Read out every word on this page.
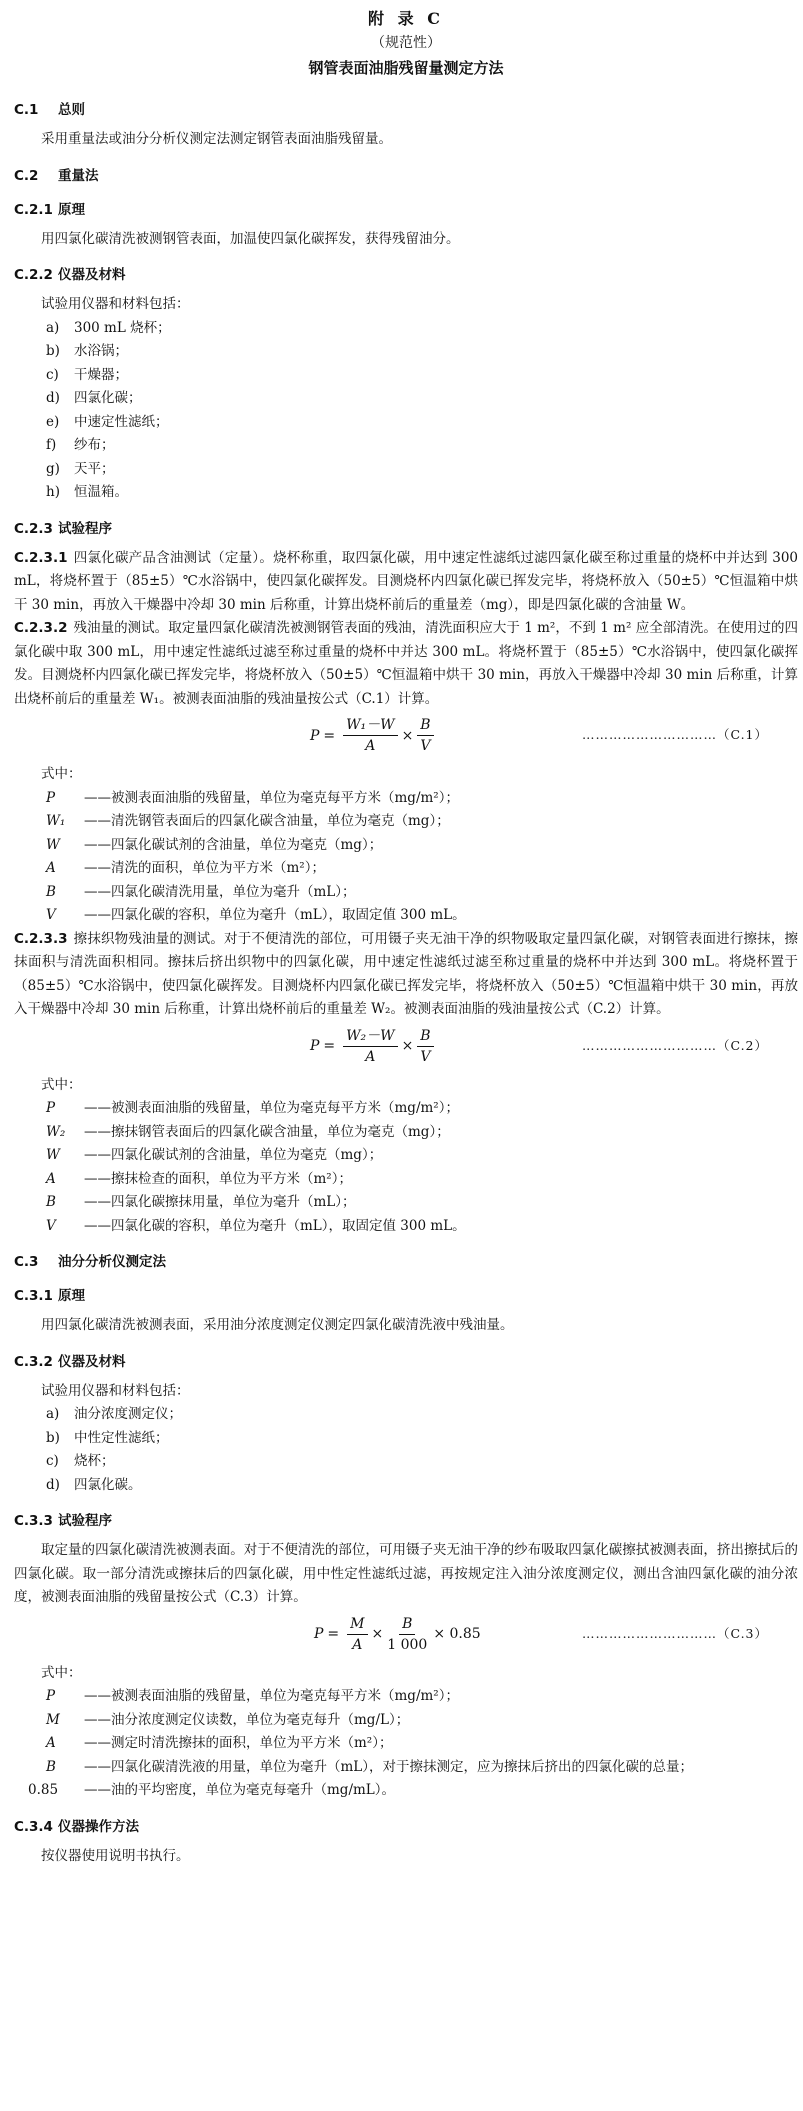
附 录 C
（规范性）
钢管表面油脂残留量测定方法
C.1 总则

采用重量法或油分分析仪测定法测定钢管表面油脂残留量。

C.2 重量法
C.2.1 原理

用四氯化碳清洗被测钢管表面，加温使四氯化碳挥发，获得残留油分。

C.2.2 仪器及材料

试验用仪器和材料包括：

a) 300 mL 烧杯；
b) 水浴锅；
c) 干燥器；
d) 四氯化碳；
e) 中速定性滤纸；
f) 纱布；
g) 天平；
h) 恒温箱。
C.2.3 试验程序

C.2.3.1 四氯化碳产品含油测试（定量）。烧杯称重，取四氯化碳，用中速定性滤纸过滤四氯化碳至称过重量的烧杯中并达到 300 mL，将烧杯置于（85±5）℃水浴锅中，使四氯化碳挥发。目测烧杯内四氯化碳已挥发完毕，将烧杯放入（50±5）℃恒温箱中烘干 30 min，再放入干燥器中冷却 30 min 后称重，计算出烧杯前后的重量差（mg），即是四氯化碳的含油量 W。

C.2.3.2 残油量的测试。取定量四氯化碳清洗被测钢管表面的残油，清洗面积应大于 1 m²，不到 1 m² 应全部清洗。在使用过的四氯化碳中取 300 mL，用中速定性滤纸过滤至称过重量的烧杯中并达 300 mL。将烧杯置于（85±5）℃水浴锅中，使四氯化碳挥发。目测烧杯内四氯化碳已挥发完毕，将烧杯放入（50±5）℃恒温箱中烘干 30 min，再放入干燥器中冷却 30 min 后称重，计算出烧杯前后的重量差 W₁。被测表面油脂的残油量按公式（C.1）计算。

$P = \frac{\text{W₁－W}}{A} \times \frac{B}{V}$	…………………………（C.1）

式中：

P	——被测表面油脂的残留量，单位为毫克每平方米（mg/m²）；
W₁	——清洗钢管表面后的四氯化碳含油量，单位为毫克（mg）；
W	——四氯化碳试剂的含油量，单位为毫克（mg）；
A	——清洗的面积，单位为平方米（m²）；
B	——四氯化碳清洗用量，单位为毫升（mL）；
V	——四氯化碳的容积，单位为毫升（mL），取固定值 300 mL。

C.2.3.3 擦抹织物残油量的测试。对于不便清洗的部位，可用镊子夹无油干净的织物吸取定量四氯化碳，对钢管表面进行擦抹，擦抹面积与清洗面积相同。擦抹后挤出织物中的四氯化碳，用中速定性滤纸过滤至称过重量的烧杯中并达到 300 mL。将烧杯置于（85±5）℃水浴锅中，使四氯化碳挥发。目测烧杯内四氯化碳已挥发完毕，将烧杯放入（50±5）℃恒温箱中烘干 30 min，再放入干燥器中冷却 30 min 后称重，计算出烧杯前后的重量差 W₂。被测表面油脂的残油量按公式（C.2）计算。

$P = \frac{\text{W₂－W}}{A} \times \frac{B}{V}$	…………………………（C.2）

式中：

P	——被测表面油脂的残留量，单位为毫克每平方米（mg/m²）；
W₂	——擦抹钢管表面后的四氯化碳含油量，单位为毫克（mg）；
W	——四氯化碳试剂的含油量，单位为毫克（mg）；
A	——擦抹检查的面积，单位为平方米（m²）；
B	——四氯化碳擦抹用量，单位为毫升（mL）；
V	——四氯化碳的容积，单位为毫升（mL），取固定值 300 mL。
C.3 油分分析仪测定法
C.3.1 原理

用四氯化碳清洗被测表面，采用油分浓度测定仪测定四氯化碳清洗液中残油量。

C.3.2 仪器及材料

试验用仪器和材料包括：

a) 油分浓度测定仪；
b) 中性定性滤纸；
c) 烧杯；
d) 四氯化碳。
C.3.3 试验程序

取定量的四氯化碳清洗被测表面。对于不便清洗的部位，可用镊子夹无油干净的纱布吸取四氯化碳擦拭被测表面，挤出擦拭后的四氯化碳。取一部分清洗或擦抹后的四氯化碳，用中性定性滤纸过滤，再按规定注入油分浓度测定仪，测出含油四氯化碳的油分浓度，被测表面油脂的残留量按公式（C.3）计算。

$P = \frac{M}{A} \times \frac{B}{1 000} \times 0.85$	…………………………（C.3）

式中：

P	——被测表面油脂的残留量，单位为毫克每平方米（mg/m²）；
M	——油分浓度测定仪读数，单位为毫克每升（mg/L）；
A	——测定时清洗擦抹的面积，单位为平方米（m²）；
B	——四氯化碳清洗液的用量，单位为毫升（mL），对于擦抹测定，应为擦抹后挤出的四氯化碳的总量；
0.85	——油的平均密度，单位为毫克每毫升（mg/mL）。
C.3.4 仪器操作方法

按仪器使用说明书执行。
